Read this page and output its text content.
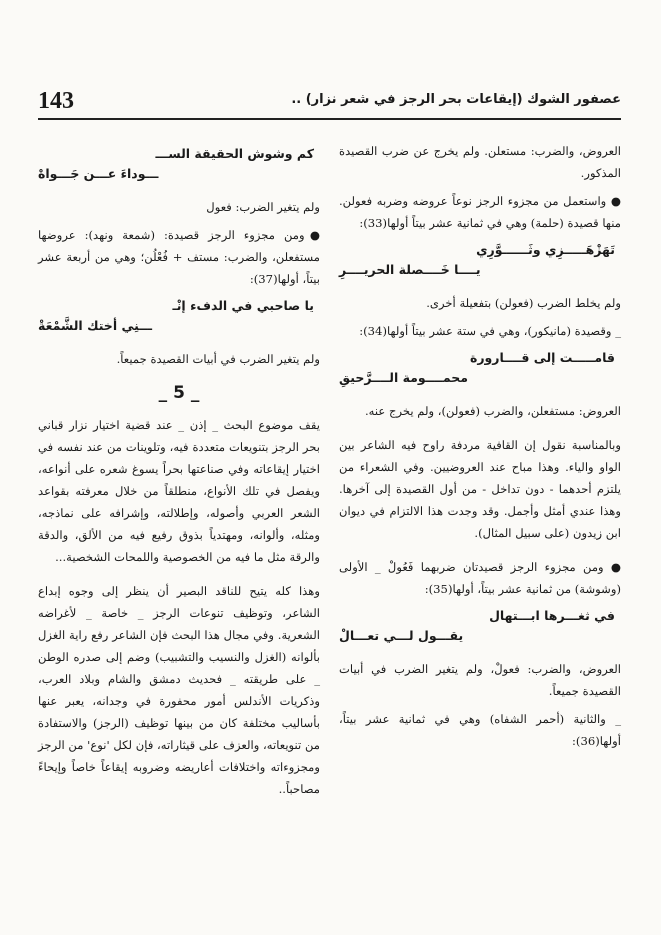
143	عصفور الشوك (إيقاعات بحر الرجز في شعر نزار) ..

العروض، والضرب: مستعلن. ولم يخرج عن ضرب القصيدة المذكور.

● واستعمل من مجزوء الرجز نوعاً عروضه وضربه فعولن. منها قصيدة (حلمة) وهي في ثمانية عشر بيتاً أولها(33):

تَهَزْهَـــــزِي وثَــــــوَّرِي
يــــا خَــــصلة الحريــــرِ

ولم يخلط الضرب (فعولن) بتفعيلة أخرى.

_ وقصيدة (مانيكور)، وهي في ستة عشر بيتاً أولها(34):

قامـــــت إلى قــــارورة
محمــــومة الــــرَّحيقِ

العروض: مستفعلن، والضرب (فعولن)، ولم يخرج عنه.

وبالمناسبة نقول إن القافية مردفة راوح فيه الشاعر بين الواو والياء. وهذا مباح عند العروضيين. وفي الشعراء من يلتزم أحدهما - دون تداخل - من أول القصيدة إلى آخرها. وهذا عندي أمثل وأجمل. وقد وجدت هذا الالتزام في ديوان ابن زيدون (على سبيل المثال).

● ومن مجزوء الرجز قصيدتان ضربهما فَعُولْ _ الأولى (وشوشة) من ثمانية عشر بيتاً، أولها(35):

في ثغـــرها ابـــتهال
يقـــول لـــي تعـــالْ

العروض، والضرب: فعولْ، ولم يتغير الضرب في أبيات القصيدة جميعاً.

_ والثانية (أحمر الشفاه) وهي في ثمانية عشر بيتاً، أولها(36):

كم وشوش الحقيقة الســـ
ـــوداءَ عـــن جَـــواهْ

ولم يتغير الضرب: فعول

●ومن مجزوء الرجز قصيدة: (شمعة ونهد): عروضها مستفعلن، والضرب: مستف + فُعْلُن؛ وهي من أربعة عشر بيتاً، أولها(37):

يا صاحبي في الدفء إنْـ
ـــنِي أختك الشَّمْعَةْ

ولم يتغير الضرب في أبيات القصيدة جميعاً.

_ 5 _

يقف موضوع البحث _ إذن _ عند قضية اختيار نزار قباني بحر الرجز بتنويعات متعددة فيه، وتلوينات من عند نفسه في اختيار إيقاعاته وفي صناعتها بحراً يسوغ شعره على أنواعه، ويفصل في تلك الأنواع، منطلقاً من خلال معرفته بقواعد الشعر العربي وأصوله، وإطلالته، وإشرافه على نماذجه، ومثله، وألوانه، ومهتدياً بذوق رفيع فيه من الألق، والدقة والرقة مثل ما فيه من الخصوصية واللمحات الشخصية...

وهذا كله يتيح للناقد البصير أن ينظر إلى وجوه إبداع الشاعر، وتوظيف تنوعات الرجز _ خاصة _ لأغراضه الشعرية. وفي مجال هذا البحث فإن الشاعر رفع راية الغزل بألوانه (الغزل والنسيب والتشبيب) وضم إلى صدره الوطن _ على طريقته _ فحديث دمشق والشام وبلاد العرب، وذكريات الأندلس أمور محفورة في وجدانه، يعبر عنها بأساليب مختلفة كان من بينها توظيف (الرجز) والاستفادة من تنويعاته، والعزف على قيثاراته، فإن لكل 'نوع' من الرجز ومجزوءاته واختلافات أعاريضه وضروبه إيقاعاً خاصاً وإيحاءً مصاحباً..
